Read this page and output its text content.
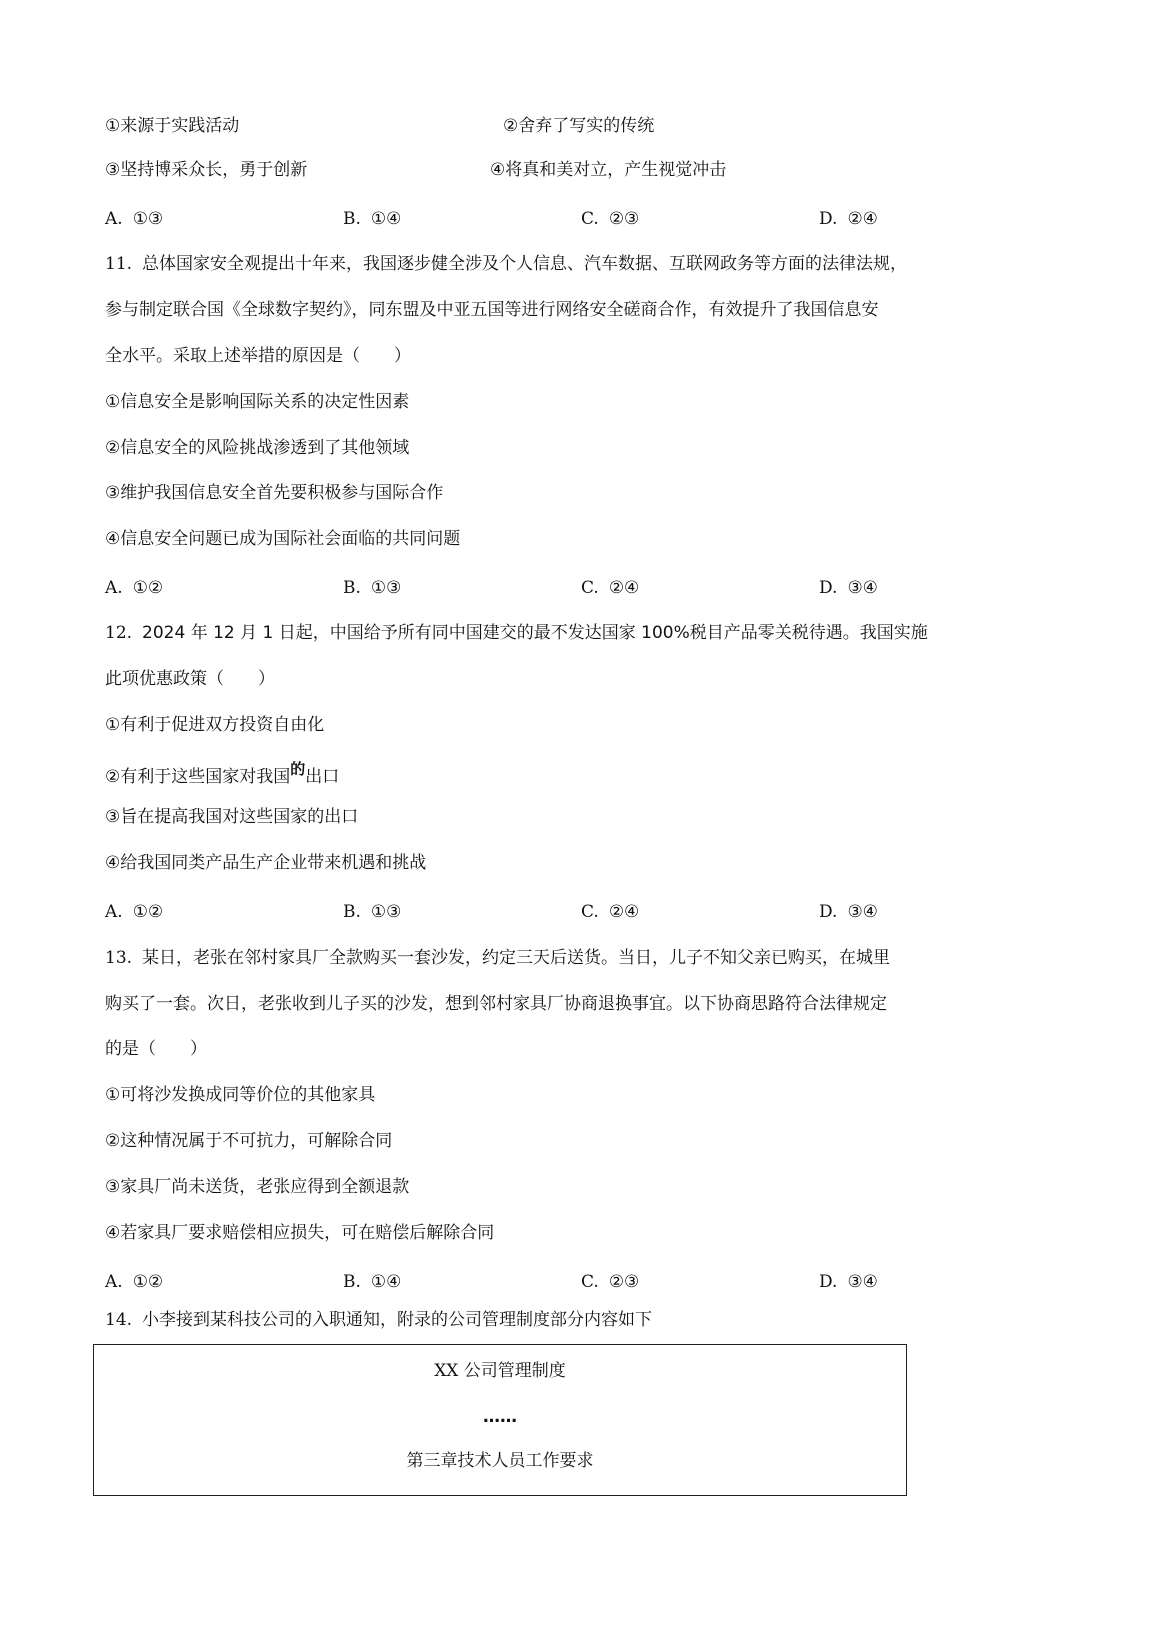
①来源于实践活动	②舍弃了写实的传统
③坚持博采众长，勇于创新	④将真和美对立，产生视觉冲击
A. ①③	B. ①④	C. ②③	D. ②④
11. 总体国家安全观提出十年来，我国逐步健全涉及个人信息、汽车数据、互联网政务等方面的法律法规，
参与制定联合国《全球数字契约》，同东盟及中亚五国等进行网络安全磋商合作，有效提升了我国信息安
全水平。采取上述举措的原因是（　　）
①信息安全是影响国际关系的决定性因素
②信息安全的风险挑战渗透到了其他领域
③维护我国信息安全首先要积极参与国际合作
④信息安全问题已成为国际社会面临的共同问题
A. ①②	B. ①③	C. ②④	D. ③④
12. 2024 年 12 月 1 日起，中国给予所有同中国建交的最不发达国家 100%税目产品零关税待遇。我国实施
此项优惠政策（　　）
①有利于促进双方投资自由化
②有利于这些国家对我国的出口
③旨在提高我国对这些国家的出口
④给我国同类产品生产企业带来机遇和挑战
A. ①②	B. ①③	C. ②④	D. ③④
13. 某日，老张在邻村家具厂全款购买一套沙发，约定三天后送货。当日，儿子不知父亲已购买，在城里
购买了一套。次日，老张收到儿子买的沙发，想到邻村家具厂协商退换事宜。以下协商思路符合法律规定
的是（　　）
①可将沙发换成同等价位的其他家具
②这种情况属于不可抗力，可解除合同
③家具厂尚未送货，老张应得到全额退款
④若家具厂要求赔偿相应损失，可在赔偿后解除合同
A. ①②	B. ①④	C. ②③	D. ③④
14. 小李接到某科技公司的入职通知，附录的公司管理制度部分内容如下
XX 公司管理制度
……
第三章技术人员工作要求
